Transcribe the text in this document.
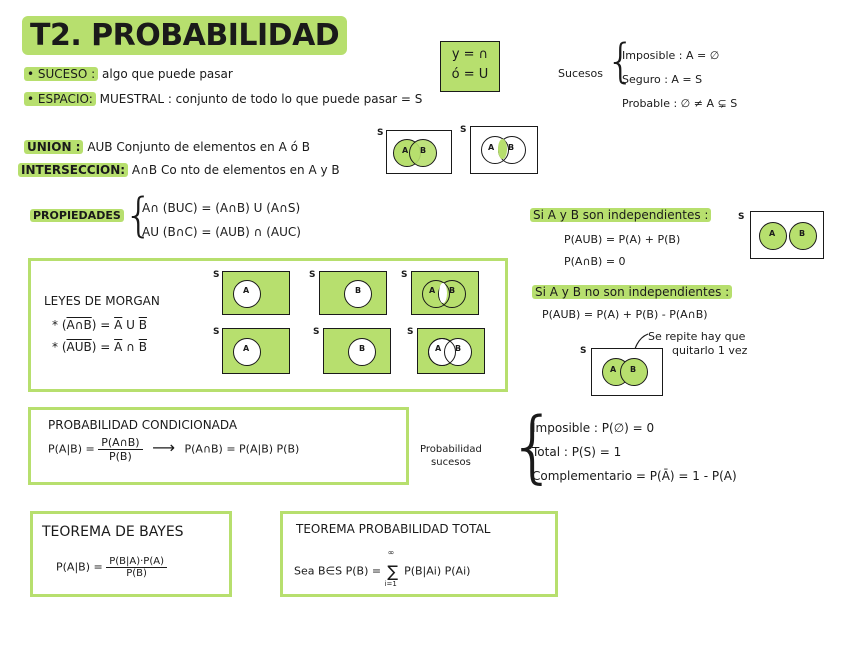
T2. PROBABILIDAD
• SUCESO : algo que puede pasar
• ESPACIO: MUESTRAL : conjunto de todo lo que puede pasar = S
y = ∩
ó = U	Sucesos {
Imposible : A = ∅
Seguro : A = S
Probable : ∅ ≠ A ⊊ S
UNION : AUB Conjunto de elementos en A ó B
INTERSECCION: A∩B Co nto de elementos en A y B
S
A B
S
A B
PROPIEDADES {
A∩ (BUC) = (A∩B) U (A∩S)
AU (B∩C) = (AUB) ∩ (AUC)
Si A y B son independientes :
P(AUB) = P(A) + P(B)
P(A∩B) = 0
S
A	B
Si A y B no son independientes :
P(AUB) = P(A) + P(B) - P(A∩B)
Se repite hay que
quitarlo 1 vez
S
A B
LEYES DE MORGAN
* (A∩B) = $\overline{A}$ U $\overline{B}$
* $(\overline{AUB}) = \overline{A}$ ∩ $\overline{B}$
S
A
S
B
S
A B
S
A
S
B
S
A B
PROBABILIDAD CONDICIONADA
$P(A|B) = \frac{P(A\cap B)}{P(B)}$ ⟶ P(A∩B) = P(A|B) P(B)	Probabilidad
sucesos {
Imposible : P(∅) = 0
Total : P(S) = 1
Complementario = P(Ā) = 1 - P(A)
TEOREMA DE BAYES
$P(A|B) = \frac{P(B|A)\cdot P(A)}{P(B)}$
TEOREMA PROBABILIDAD TOTAL
Sea B∈S P(B) =
∞
∑
i=1
P(B|Ai) P(Ai)
